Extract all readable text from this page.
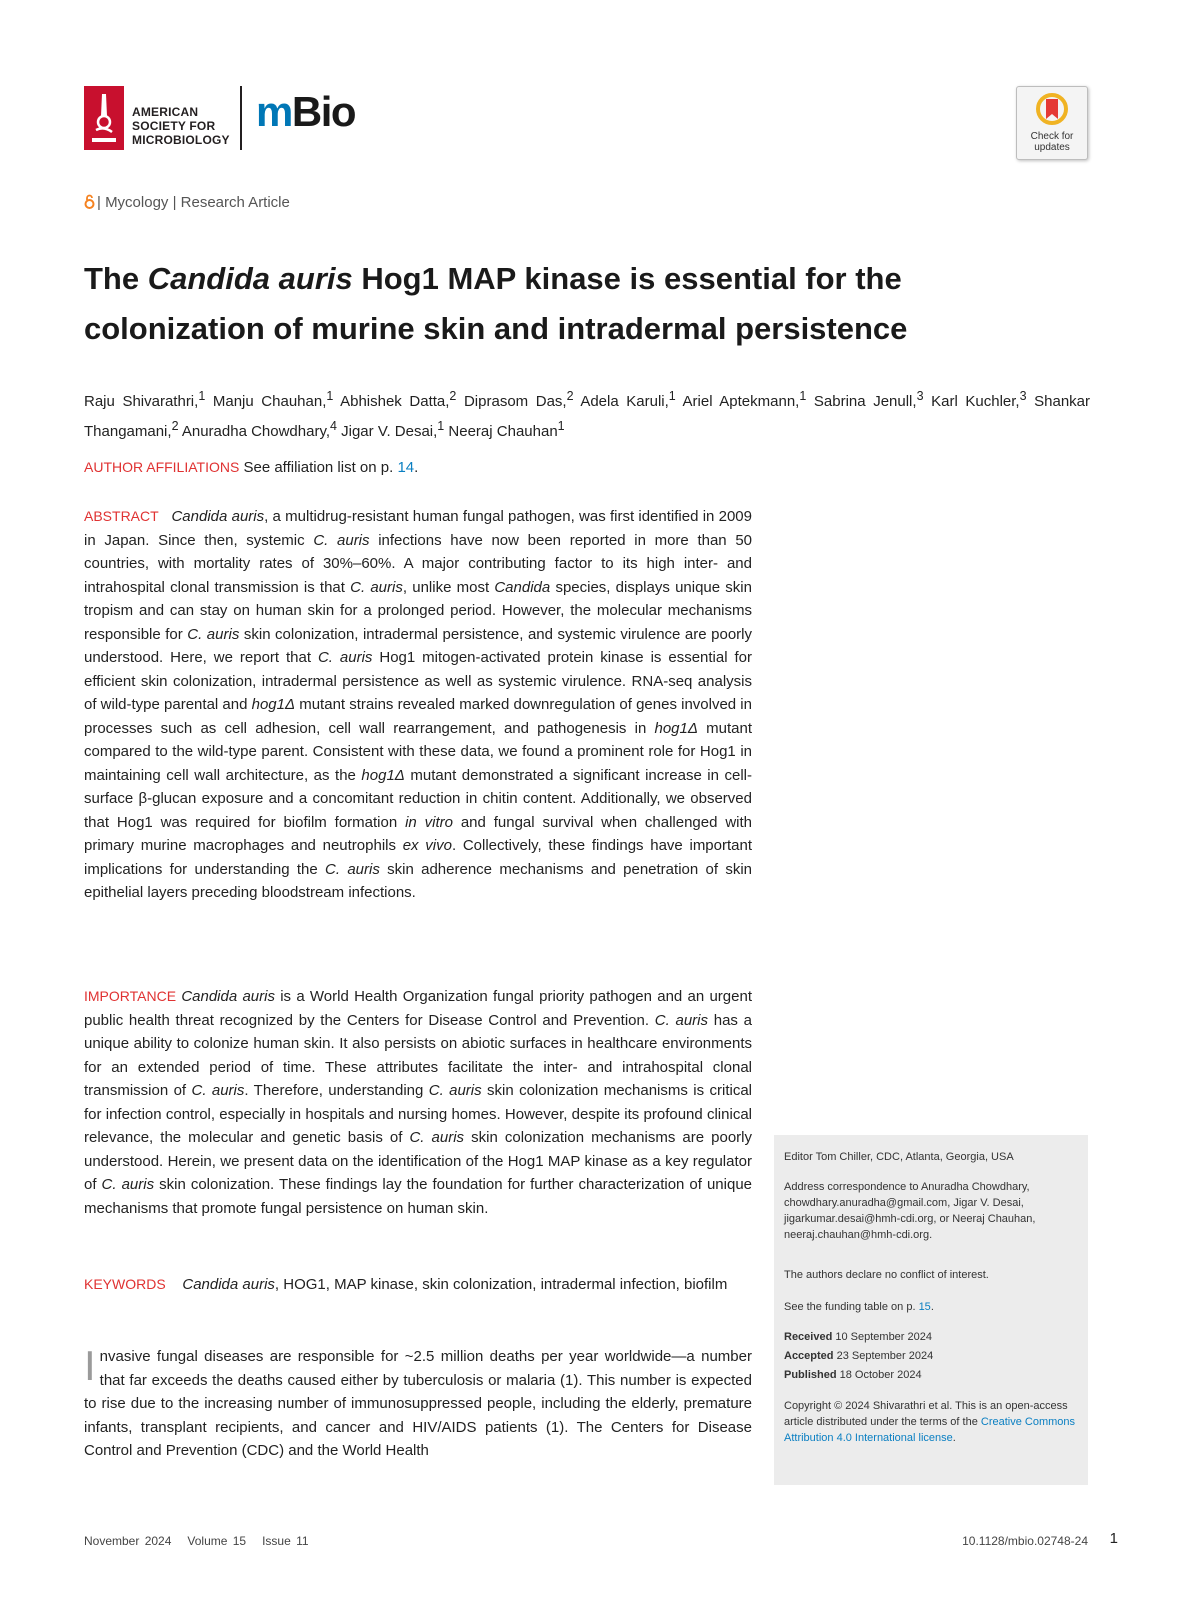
AMERICAN
SOCIETY FOR
MICROBIOLOGY
mBio
Check for
updates
| Mycology | Research Article
The Candida auris Hog1 MAP kinase is essential for the colonization of murine skin and intradermal persistence
Raju Shivarathri,$^1$ Manju Chauhan,$^1$ Abhishek Datta,$^2$ Diprasom Das,$^2$ Adela Karuli,$^1$ Ariel Aptekmann,$^1$ Sabrina Jenull,$^3$ Karl Kuchler,$^3$ Shankar Thangamani,$^2$ Anuradha Chowdhary,$^4$ Jigar V. Desai,$^1$ Neeraj Chauhan$^1$
AUTHOR AFFILIATIONS See affiliation list on p. 14.
ABSTRACT Candida auris, a multidrug-resistant human fungal pathogen, was first identified in 2009 in Japan. Since then, systemic C. auris infections have now been reported in more than 50 countries, with mortality rates of 30%–60%. A major contributing factor to its high inter- and intrahospital clonal transmission is that C. auris, unlike most Candida species, displays unique skin tropism and can stay on human skin for a prolonged period. However, the molecular mechanisms responsible for C. auris skin colonization, intradermal persistence, and systemic virulence are poorly understood. Here, we report that C. auris Hog1 mitogen-activated protein kinase is essential for efficient skin colonization, intradermal persistence as well as systemic virulence. RNA-seq analysis of wild-type parental and hog1Δ mutant strains revealed marked downregulation of genes involved in processes such as cell adhesion, cell wall rearrangement, and pathogenesis in hog1Δ mutant compared to the wild-type parent. Consistent with these data, we found a prominent role for Hog1 in maintaining cell wall architecture, as the hog1Δ mutant demonstrated a significant increase in cell-surface β-glucan exposure and a concomitant reduction in chitin content. Additionally, we observed that Hog1 was required for biofilm formation in vitro and fungal survival when challenged with primary murine macrophages and neutrophils ex vivo. Collectively, these findings have important implications for understanding the C. auris skin adherence mechanisms and penetration of skin epithelial layers preceding bloodstream infections.
IMPORTANCE Candida auris is a World Health Organization fungal priority pathogen and an urgent public health threat recognized by the Centers for Disease Control and Prevention. C. auris has a unique ability to colonize human skin. It also persists on abiotic surfaces in healthcare environments for an extended period of time. These attributes facilitate the inter- and intrahospital clonal transmission of C. auris. Therefore, understanding C. auris skin colonization mechanisms is critical for infection control, especially in hospitals and nursing homes. However, despite its profound clinical relevance, the molecular and genetic basis of C. auris skin colonization mechanisms are poorly understood. Herein, we present data on the identification of the Hog1 MAP kinase as a key regulator of C. auris skin colonization. These findings lay the foundation for further characterization of unique mechanisms that promote fungal persistence on human skin.
KEYWORDS Candida auris, HOG1, MAP kinase, skin colonization, intradermal infection, biofilm
Invasive fungal diseases are responsible for ~2.5 million deaths per year worldwide—a number that far exceeds the deaths caused either by tuberculosis or malaria (1). This number is expected to rise due to the increasing number of immunosuppressed people, including the elderly, premature infants, transplant recipients, and cancer and HIV/AIDS patients (1). The Centers for Disease Control and Prevention (CDC) and the World Health
Editor Tom Chiller, CDC, Atlanta, Georgia, USA
Address correspondence to Anuradha Chowdhary, chowdhary.anuradha@gmail.com, Jigar V. Desai, jigarkumar.desai@hmh-cdi.org, or Neeraj Chauhan, neeraj.chauhan@hmh-cdi.org.
The authors declare no conflict of interest.
See the funding table on p. 15.
Received 10 September 2024
Accepted 23 September 2024
Published 18 October 2024
Copyright © 2024 Shivarathri et al. This is an open-access article distributed under the terms of the Creative Commons Attribution 4.0 International license.
November 2024   Volume 15   Issue 11	10.1128/mbio.02748-24 1
